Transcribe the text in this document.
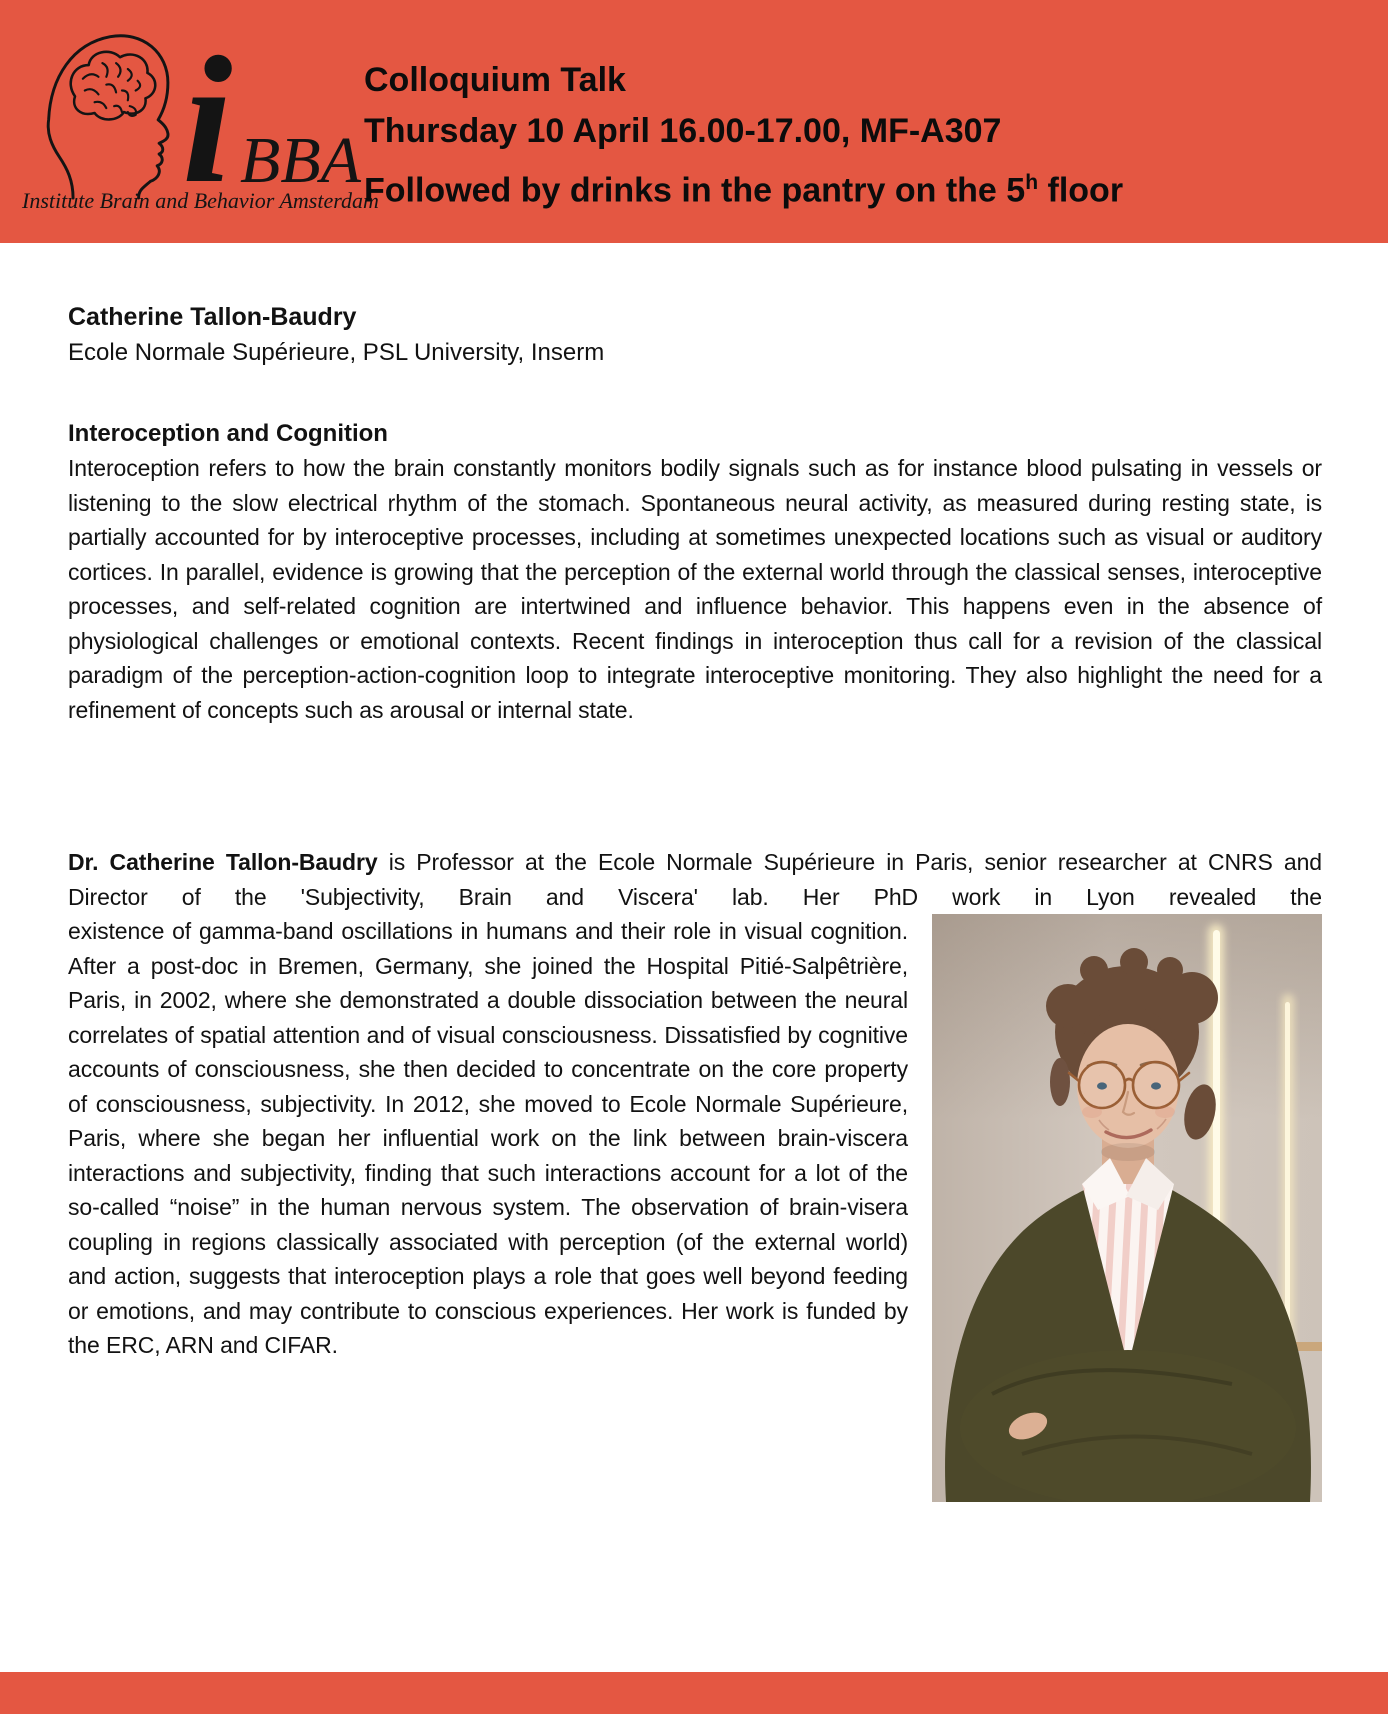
i BBA
Institute Brain and Behavior Amsterdam
Colloquium Talk
Thursday 10 April 16.00-17.00, MF-A307
Followed by drinks in the pantry on the 5$^h$ floor

Catherine Tallon-Baudry

Ecole Normale Supérieure, PSL University, Inserm

Interoception and Cognition

Interoception refers to how the brain constantly monitors bodily signals such as for instance blood pulsating in vessels or listening to the slow electrical rhythm of the stomach. Spontaneous neural activity, as measured during resting state, is partially accounted for by interoceptive processes, including at sometimes unexpected locations such as visual or auditory cortices. In parallel, evidence is growing that the perception of the external world through the classical senses, interoceptive processes, and self-related cognition are intertwined and influence behavior. This happens even in the absence of physiological challenges or emotional contexts. Recent findings in interoception thus call for a revision of the classical paradigm of the perception-action-cognition loop to integrate interoceptive monitoring. They also highlight the need for a refinement of concepts such as arousal or internal state.

Dr. Catherine Tallon-Baudry is Professor at the Ecole Normale Supérieure in Paris, senior researcher at CNRS and Director of the 'Subjectivity, Brain and Viscera' lab. Her PhD work in Lyon revealed the

existence of gamma-band oscillations in humans and their role in visual cognition. After a post-doc in Bremen, Germany, she joined the Hospital Pitié-Salpêtrière, Paris, in 2002, where she demonstrated a double dissociation between the neural correlates of spatial attention and of visual consciousness. Dissatisfied by cognitive accounts of consciousness, she then decided to concentrate on the core property of consciousness, subjectivity. In 2012, she moved to Ecole Normale Supérieure, Paris, where she began her influential work on the link between brain-viscera interactions and subjectivity, finding that such interactions account for a lot of the so-called “noise” in the human nervous system. The observation of brain-visera coupling in regions classically associated with perception (of the external world) and action, suggests that interoception plays a role that goes well beyond feeding or emotions, and may contribute to conscious experiences. Her work is funded by the ERC, ARN and CIFAR.
